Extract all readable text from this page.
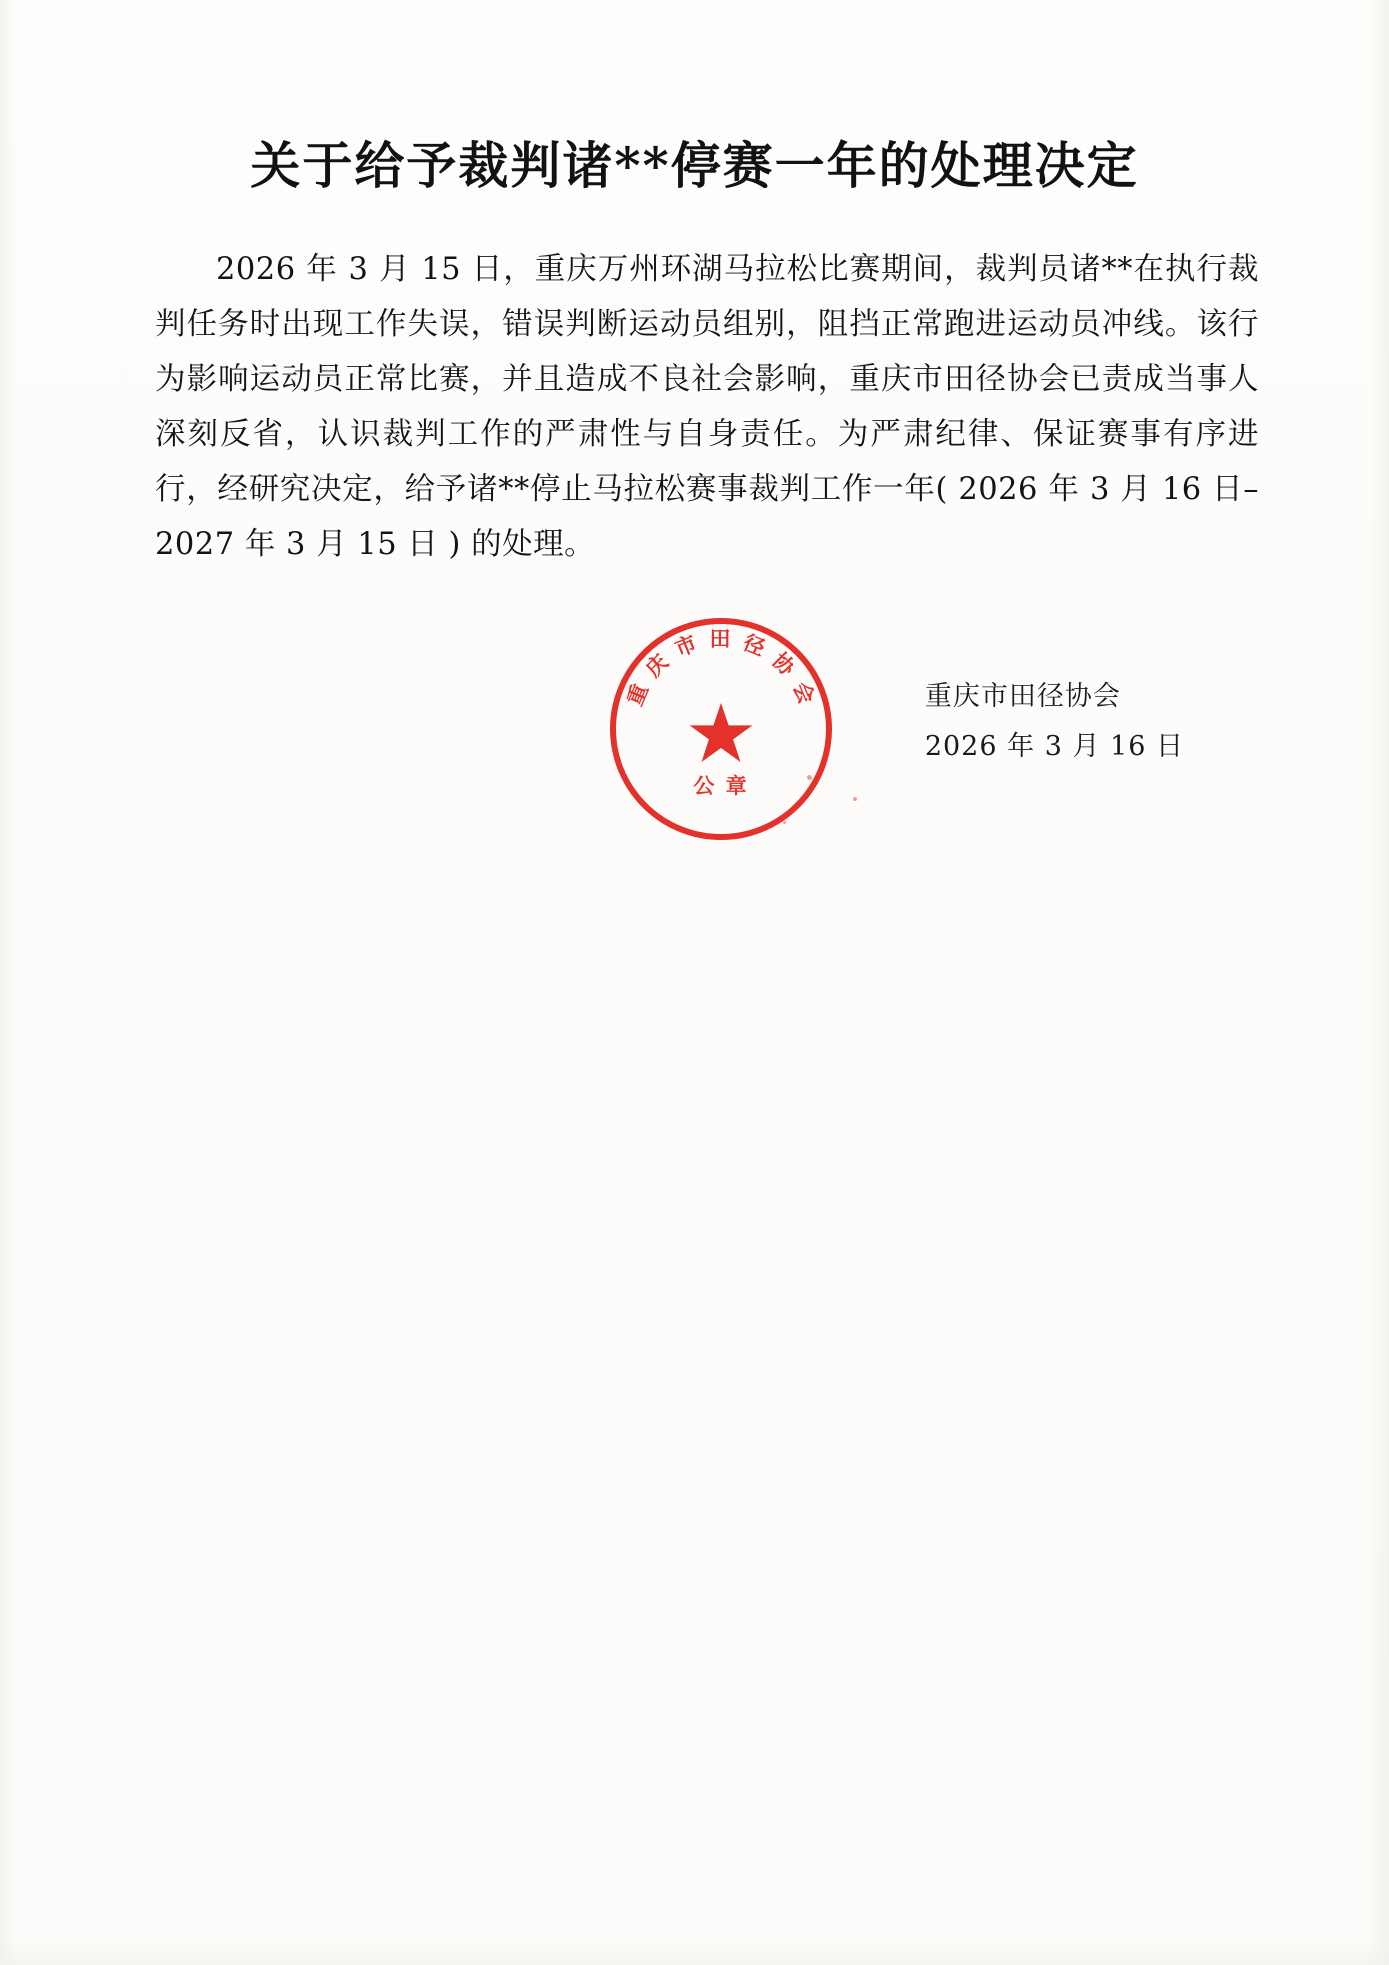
关于给予裁判诸**停赛一年的处理决定

2026 年 3 月 15 日，重庆万州环湖马拉松比赛期间，裁判员诸**在执行裁判任务时出现工作失误，错误判断运动员组别，阻挡正常跑进运动员冲线。该行为影响运动员正常比赛，并且造成不良社会影响，重庆市田径协会已责成当事人深刻反省，认识裁判工作的严肃性与自身责任。为严肃纪律、保证赛事有序进行，经研究决定，给予诸**停止马拉松赛事裁判工作一年( 2026 年 3 月 16 日–2027 年 3 月 15 日 ) 的处理。

重 庆 市 田 径 协 会
公 章
重庆市田径协会
2026 年 3 月 16 日
